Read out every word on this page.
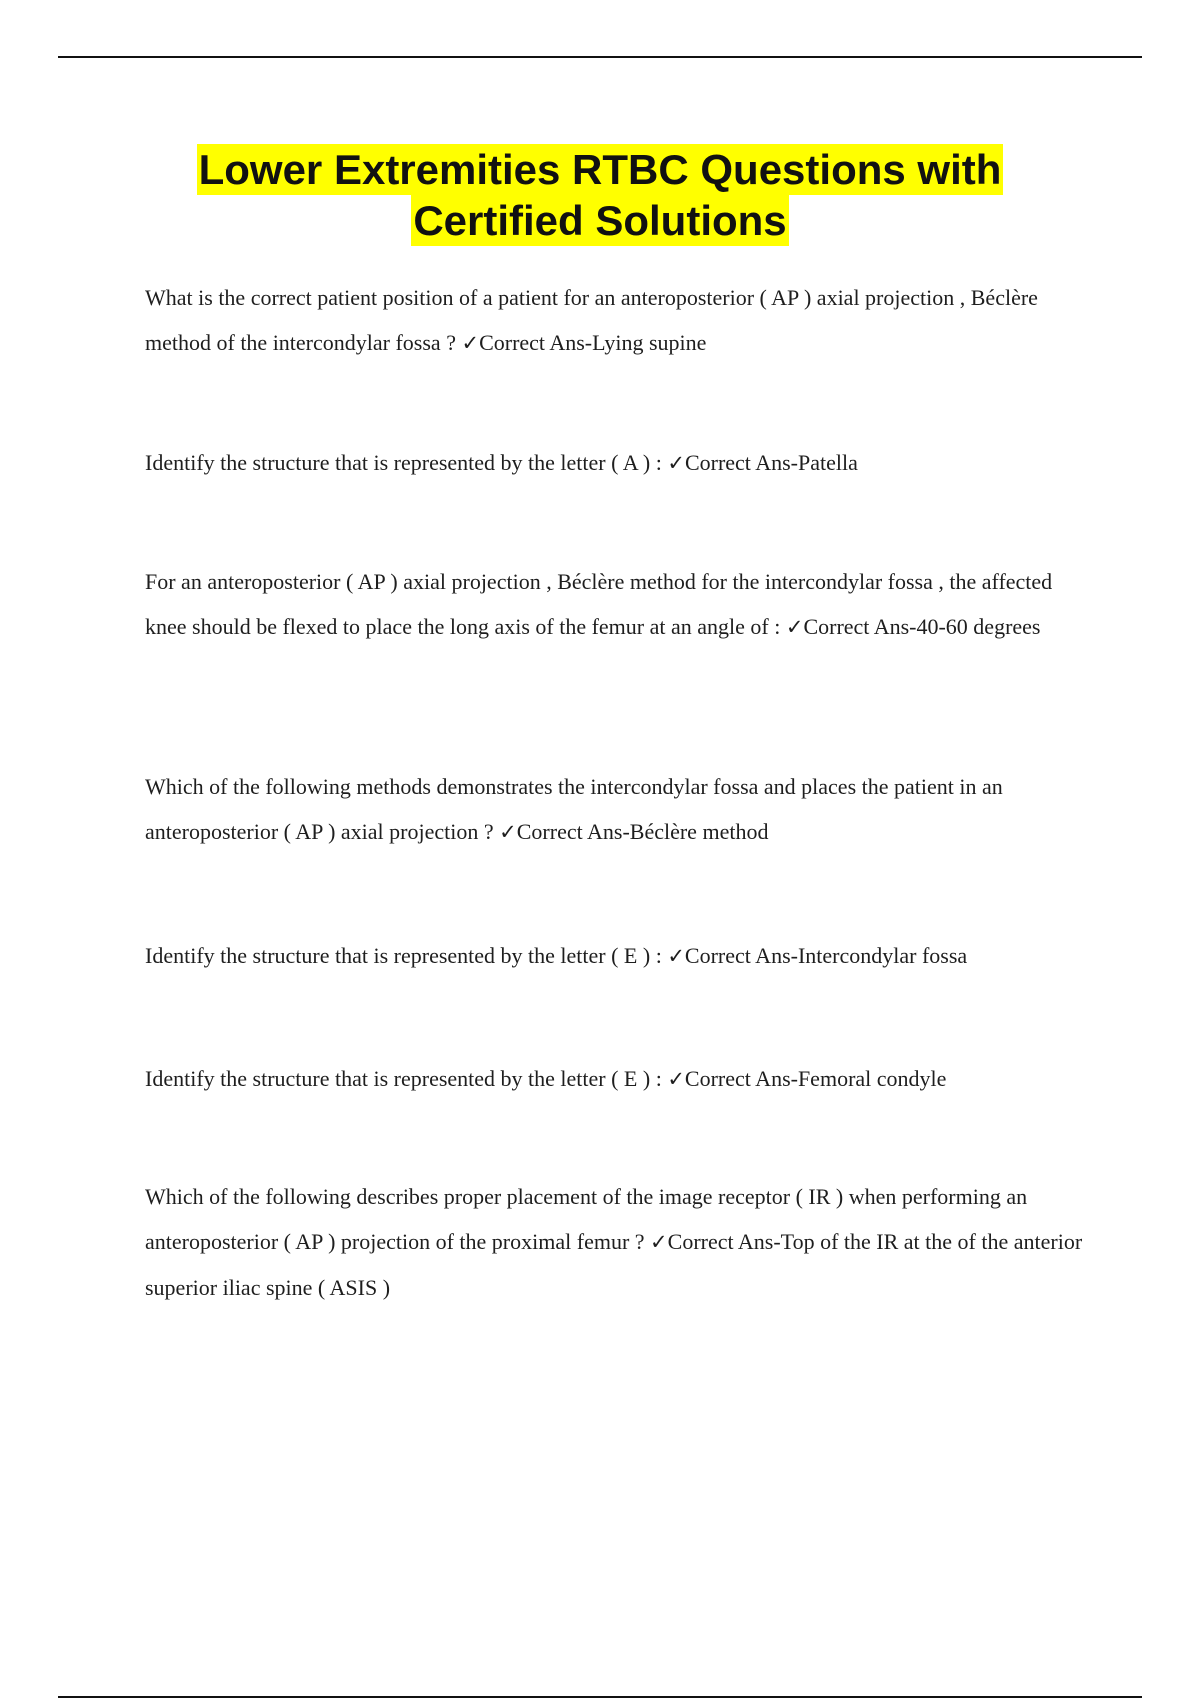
Lower Extremities RTBC Questions with
Certified Solutions
What is the correct patient position of a patient for an anteroposterior ( AP ) axial projection , Béclère method of the intercondylar fossa ? ✓Correct Ans-Lying supine
Identify the structure that is represented by the letter ( A ) : ✓Correct Ans-Patella
For an anteroposterior ( AP ) axial projection , Béclère method for the intercondylar fossa , the affected knee should be flexed to place the long axis of the femur at an angle of : ✓Correct Ans-40-60 degrees
Which of the following methods demonstrates the intercondylar fossa and places the patient in an anteroposterior ( AP ) axial projection ? ✓Correct Ans-Béclère method
Identify the structure that is represented by the letter ( E ) : ✓Correct Ans-Intercondylar fossa
Identify the structure that is represented by the letter ( E ) : ✓Correct Ans-Femoral condyle
Which of the following describes proper placement of the image receptor ( IR ) when performing an anteroposterior ( AP ) projection of the proximal femur ? ✓Correct Ans-Top of the IR at the of the anterior superior iliac spine ( ASIS )
